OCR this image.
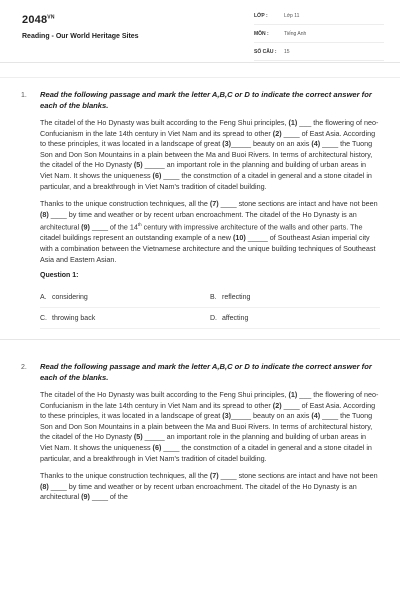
$2048^{VN}$
Reading - Our World Heritage Sites
LỚP :	Lớp 11
MÔN :	Tiếng Anh
SỐ CÂU :	15
1. Read the following passage and mark the letter A,B,C or D to indicate the correct answer for each of the blanks.
The citadel of the Ho Dynasty was built according to the Feng Shui principles, (1) ___ the flowering of neo-Confucianism in the late 14th century in Viet Nam and its spread to other (2) ____ of East Asia. According to these principles, it was located in a landscape of great (3)_____ beauty on an axis (4) ____ the Tuong Son and Don Son Mountains in a plain between the Ma and Buoi Rivers. In terms of architectural history, the citadel of the Ho Dynasty (5) _____ an important role in the planning and building of urban areas in Viet Nam. It shows the uniqueness (6) ____ the constmction of a citadel in general and a stone citadel in particular, and a breakthrough in Viet Nam's tradition of citadel building.
Thanks to the unique construction techniques, all the (7) ____ stone sections are intact and have not been (8) ____ by time and weather or by recent urban encroachment. The citadel of the Ho Dynasty is an architectural (9) ____ of the 14th century with impressive architecture of the walls and other parts. The citadel buildings represent an outstanding example of a new (10) _____ of Southeast Asian imperial city with a combination between the Vietnamese architecture and the unique building techniques of Southeast Asia and Eastern Asian.
Question 1:
A. considering	B. reflecting
C. throwing back	D. affecting
2. Read the following passage and mark the letter A,B,C or D to indicate the correct answer for each of the blanks.
The citadel of the Ho Dynasty was built according to the Feng Shui principles, (1) ___ the flowering of neo-Confucianism in the late 14th century in Viet Nam and its spread to other (2) ____ of East Asia. According to these principles, it was located in a landscape of great (3)_____ beauty on an axis (4) ____ the Tuong Son and Don Son Mountains in a plain between the Ma and Buoi Rivers. In terms of architectural history, the citadel of the Ho Dynasty (5) _____ an important role in the planning and building of urban areas in Viet Nam. It shows the uniqueness (6) ____ the constmction of a citadel in general and a stone citadel in particular, and a breakthrough in Viet Nam's tradition of citadel building.
Thanks to the unique construction techniques, all the (7) ____ stone sections are intact and have not been (8) ____ by time and weather or by recent urban encroachment. The citadel of the Ho Dynasty is an architectural (9) ____ of the
